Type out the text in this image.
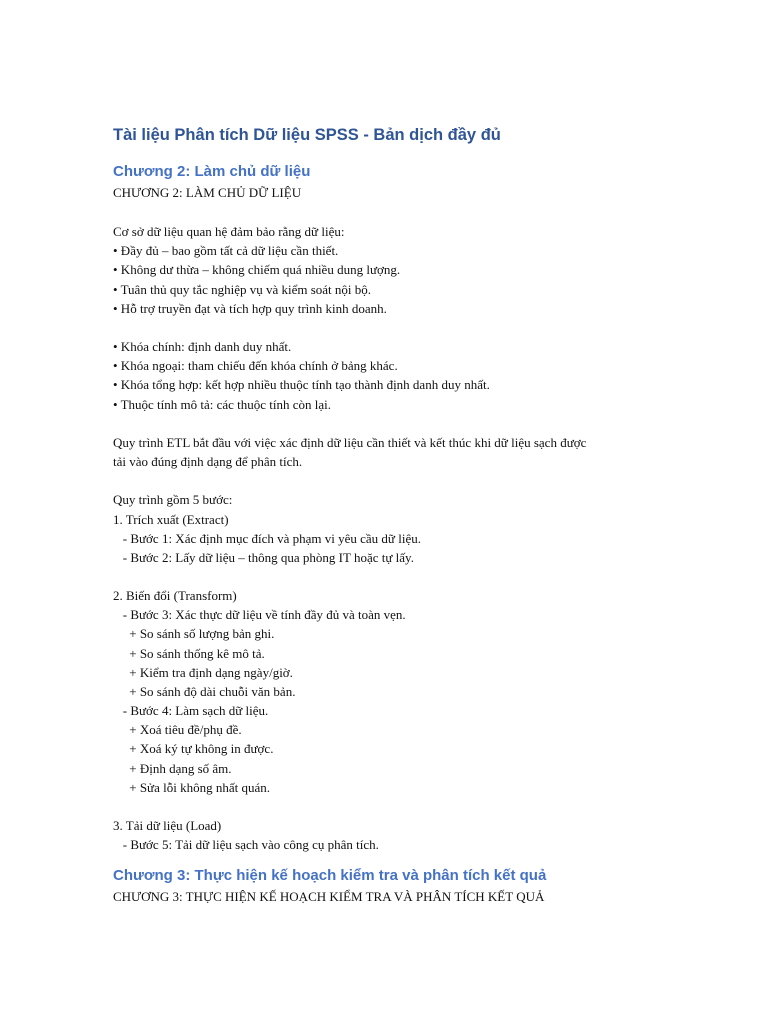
Tài liệu Phân tích Dữ liệu SPSS - Bản dịch đầy đủ
Chương 2: Làm chủ dữ liệu

CHƯƠNG 2: LÀM CHỦ DỮ LIỆU

Cơ sở dữ liệu quan hệ đảm bảo rằng dữ liệu:
• Đầy đủ – bao gồm tất cả dữ liệu cần thiết.
• Không dư thừa – không chiếm quá nhiều dung lượng.
• Tuân thủ quy tắc nghiệp vụ và kiểm soát nội bộ.
• Hỗ trợ truyền đạt và tích hợp quy trình kinh doanh.

• Khóa chính: định danh duy nhất.
• Khóa ngoại: tham chiếu đến khóa chính ở bảng khác.
• Khóa tổng hợp: kết hợp nhiều thuộc tính tạo thành định danh duy nhất.
• Thuộc tính mô tả: các thuộc tính còn lại.

Quy trình ETL bắt đầu với việc xác định dữ liệu cần thiết và kết thúc khi dữ liệu sạch được
tải vào đúng định dạng để phân tích.

Quy trình gồm 5 bước:
1. Trích xuất (Extract)
- Bước 1: Xác định mục đích và phạm vi yêu cầu dữ liệu.
- Bước 2: Lấy dữ liệu – thông qua phòng IT hoặc tự lấy.

2. Biến đổi (Transform)
- Bước 3: Xác thực dữ liệu về tính đầy đủ và toàn vẹn.
+ So sánh số lượng bản ghi.
+ So sánh thống kê mô tả.
+ Kiểm tra định dạng ngày/giờ.
+ So sánh độ dài chuỗi văn bản.
- Bước 4: Làm sạch dữ liệu.
+ Xoá tiêu đề/phụ đề.
+ Xoá ký tự không in được.
+ Định dạng số âm.
+ Sửa lỗi không nhất quán.

3. Tải dữ liệu (Load)
- Bước 5: Tải dữ liệu sạch vào công cụ phân tích.

Chương 3: Thực hiện kế hoạch kiểm tra và phân tích kết quả

CHƯƠNG 3: THỰC HIỆN KẾ HOẠCH KIỂM TRA VÀ PHÂN TÍCH KẾT QUẢ
